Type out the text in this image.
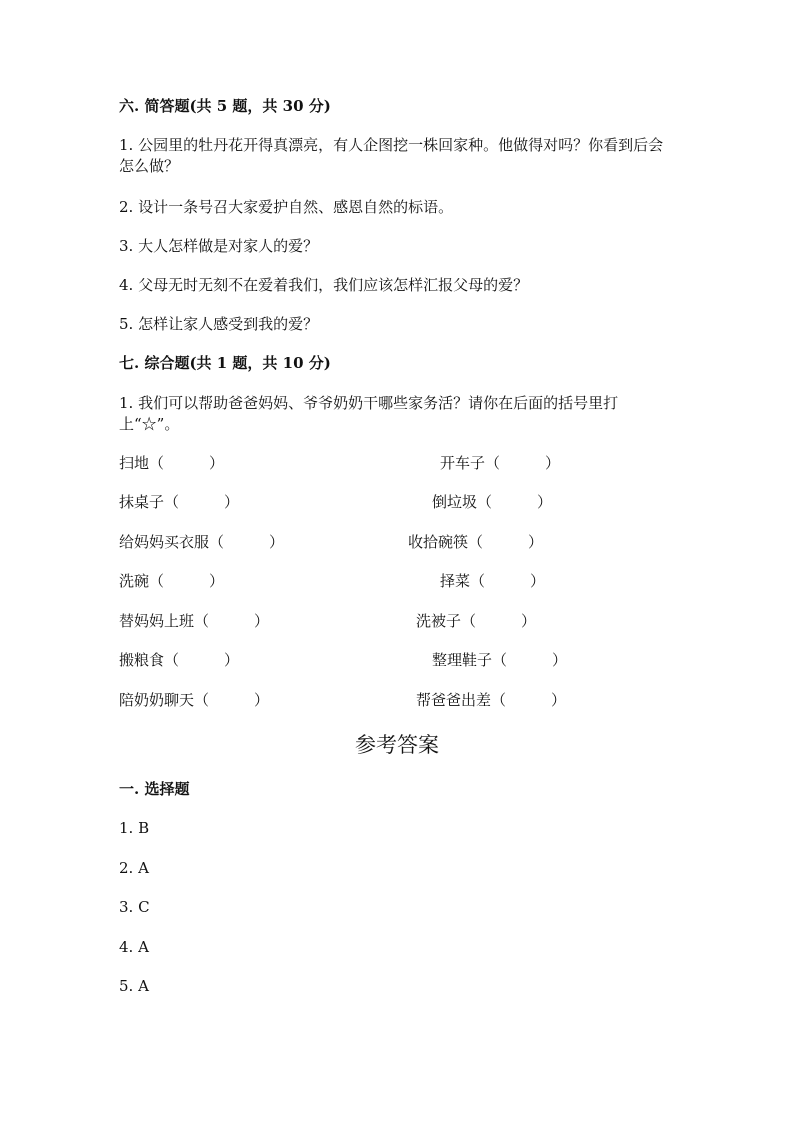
六. 简答题(共 5 题，共 30 分)
1. 公园里的牡丹花开得真漂亮，有人企图挖一株回家种。他做得对吗？你看到后会怎么做？
2. 设计一条号召大家爱护自然、感恩自然的标语。
3. 大人怎样做是对家人的爱？
4. 父母无时无刻不在爱着我们，我们应该怎样汇报父母的爱？
5. 怎样让家人感受到我的爱？
七. 综合题(共 1 题，共 10 分)
1. 我们可以帮助爸爸妈妈、爷爷奶奶干哪些家务活？请你在后面的括号里打上“☆”。
扫地（　　　）
抹桌子（　　　）
给妈妈买衣服（　　　）
洗碗（　　　）
替妈妈上班（　　　）
搬粮食（　　　）
陪奶奶聊天（　　　）
开车子（　　　）
倒垃圾（　　　）
收拾碗筷（　　　）
择菜（　　　）
洗被子（　　　）
整理鞋子（　　　）
帮爸爸出差（　　　）
参考答案
一. 选择题
1. B
2. A
3. C
4. A
5. A
